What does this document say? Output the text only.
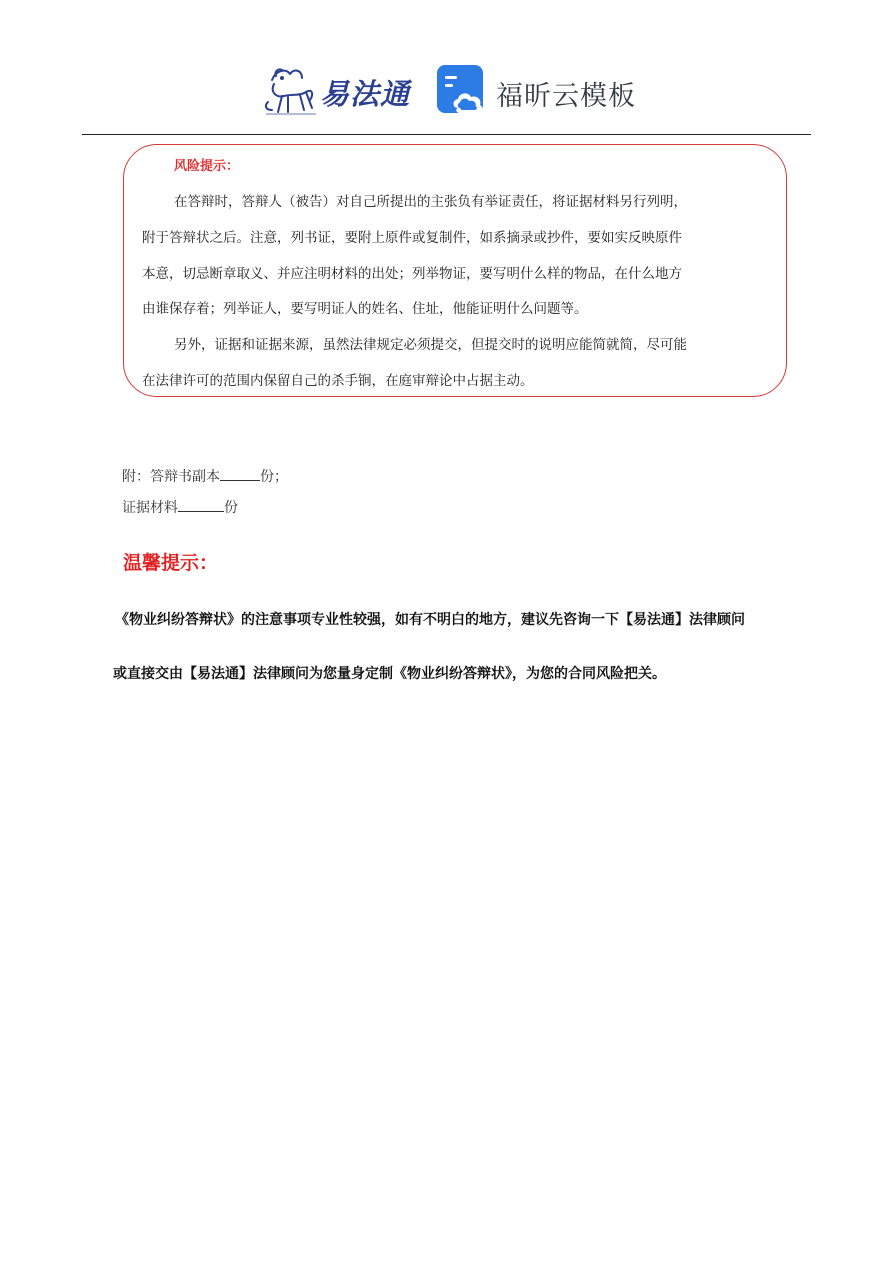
易法通	福昕云模板
风险提示：
在答辩时，答辩人（被告）对自己所提出的主张负有举证责任，将证据材料另行列明，
附于答辩状之后。注意，列书证，要附上原件或复制件，如系摘录或抄件，要如实反映原件
本意，切忌断章取义、并应注明材料的出处；列举物证，要写明什么样的物品，在什么地方
由谁保存着；列举证人，要写明证人的姓名、住址，他能证明什么问题等。
另外，证据和证据来源，虽然法律规定必须提交，但提交时的说明应能简就简，尽可能
在法律许可的范围内保留自己的杀手锏，在庭审辩论中占据主动。
附：答辩书副本	份；
证据材料	份
温馨提示：
《物业纠纷答辩状》的注意事项专业性较强，如有不明白的地方，建议先咨询一下【易法通】法律顾问
或直接交由【易法通】法律顾问为您量身定制《物业纠纷答辩状》，为您的合同风险把关。
